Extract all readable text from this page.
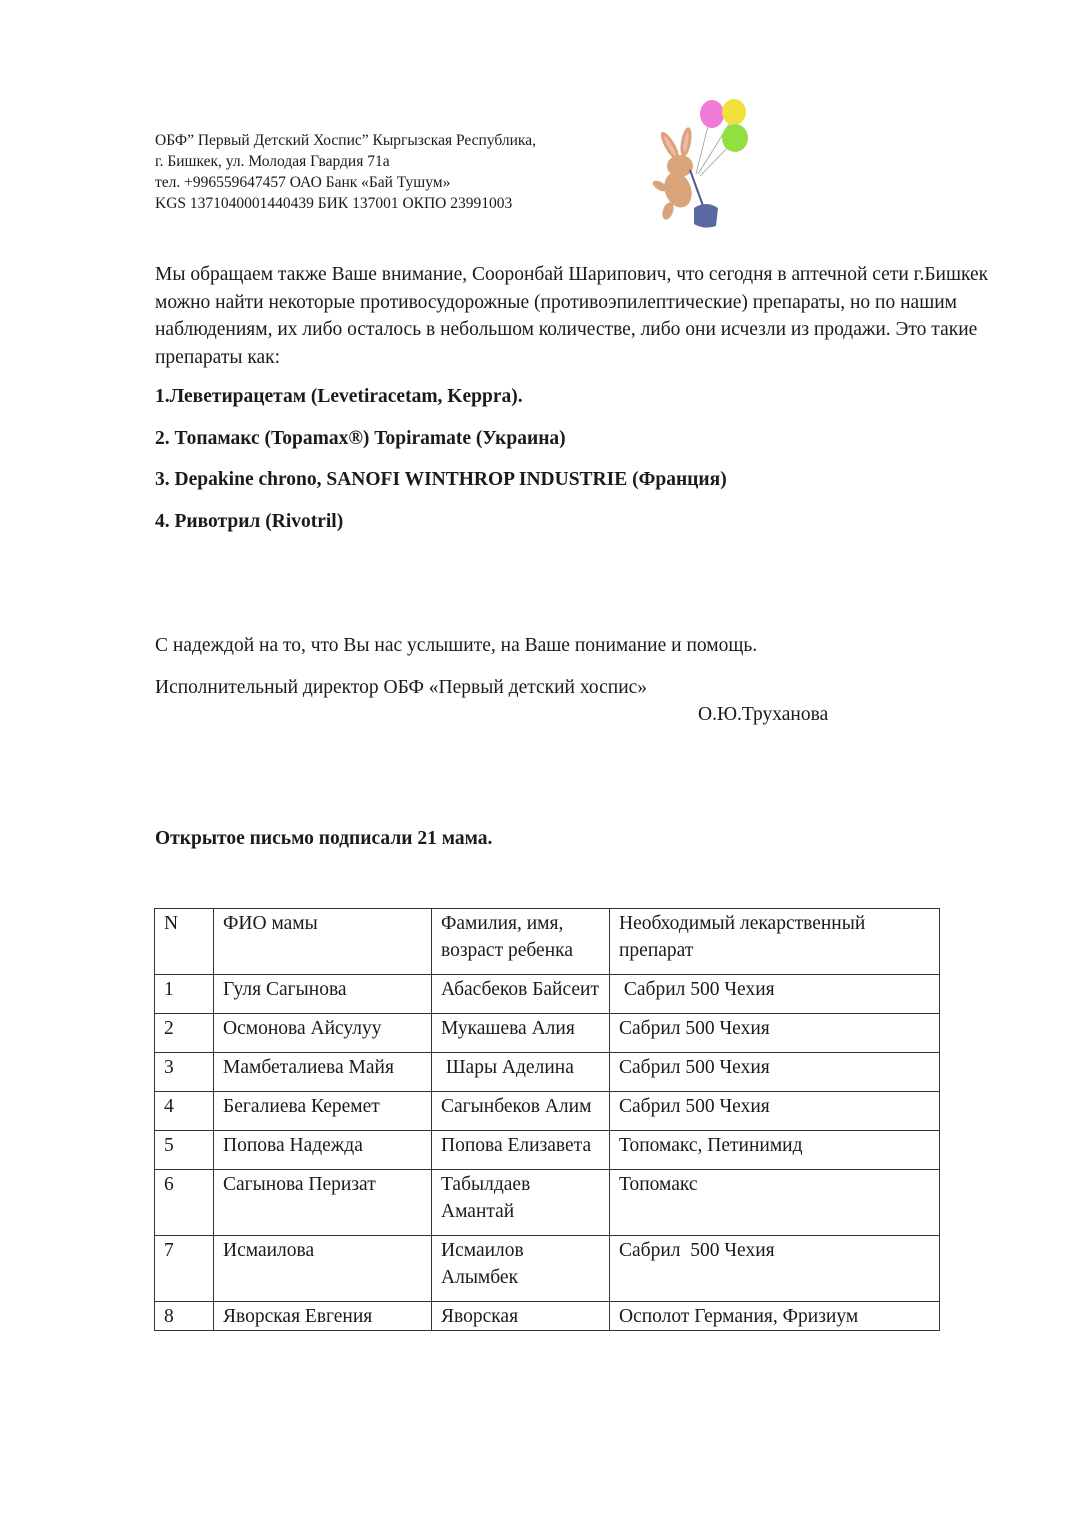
ОБФ” Первый Детский Хоспис” Кыргызская Республика,
г. Бишкек, ул. Молодая Гвардия 71а
тел. +996559647457 ОАО Банк «Бай Тушум»
KGS 1371040001440439 БИК 137001 ОКПО 23991003
Мы обращаем также Ваше внимание, Сооронбай Шарипович, что сегодня в аптечной сети г.Бишкек можно найти некоторые противосудорожные (противоэпилептические) препараты, но по нашим наблюдениям, их либо осталось в небольшом количестве, либо они исчезли из продажи. Это такие препараты как:
1.Леветирацетам (Levetiracetam, Keppra).
2. Топамакс (Topamax®) Topiramate (Украина)
3. Depakine chrono, SANOFI WINTHROP INDUSTRIE (Франция)
4. Ривотрил (Rivotril)
С надеждой на то, что Вы нас услышите, на Ваше понимание и помощь.
Исполнительный директор ОБФ «Первый детский хоспис»
О.Ю.Труханова
Открытое письмо подписали 21 мама.
N	ФИО мамы	Фамилия, имя, возраст ребенка	Необходимый лекарственный препарат
1	Гуля Сагынова	Абасбеков Байсеит	Сабрил 500 Чехия
2	Осмонова Айсулуу	Мукашева Алия	Сабрил 500 Чехия
3	Мамбеталиева Майя	Шары Аделина	Сабрил 500 Чехия
4	Бегалиева Керемет	Сагынбеков Алим	Сабрил 500 Чехия
5	Попова Надежда	Попова Елизавета	Топомакс, Петинимид
6	Сагынова Перизат	Табылдаев Амантай	Топомакс
7	Исмаилова	Исмаилов Алымбек	Сабрил  500 Чехия
8	Яворская Евгения	Яворская	Осполот Германия, Фризиум
